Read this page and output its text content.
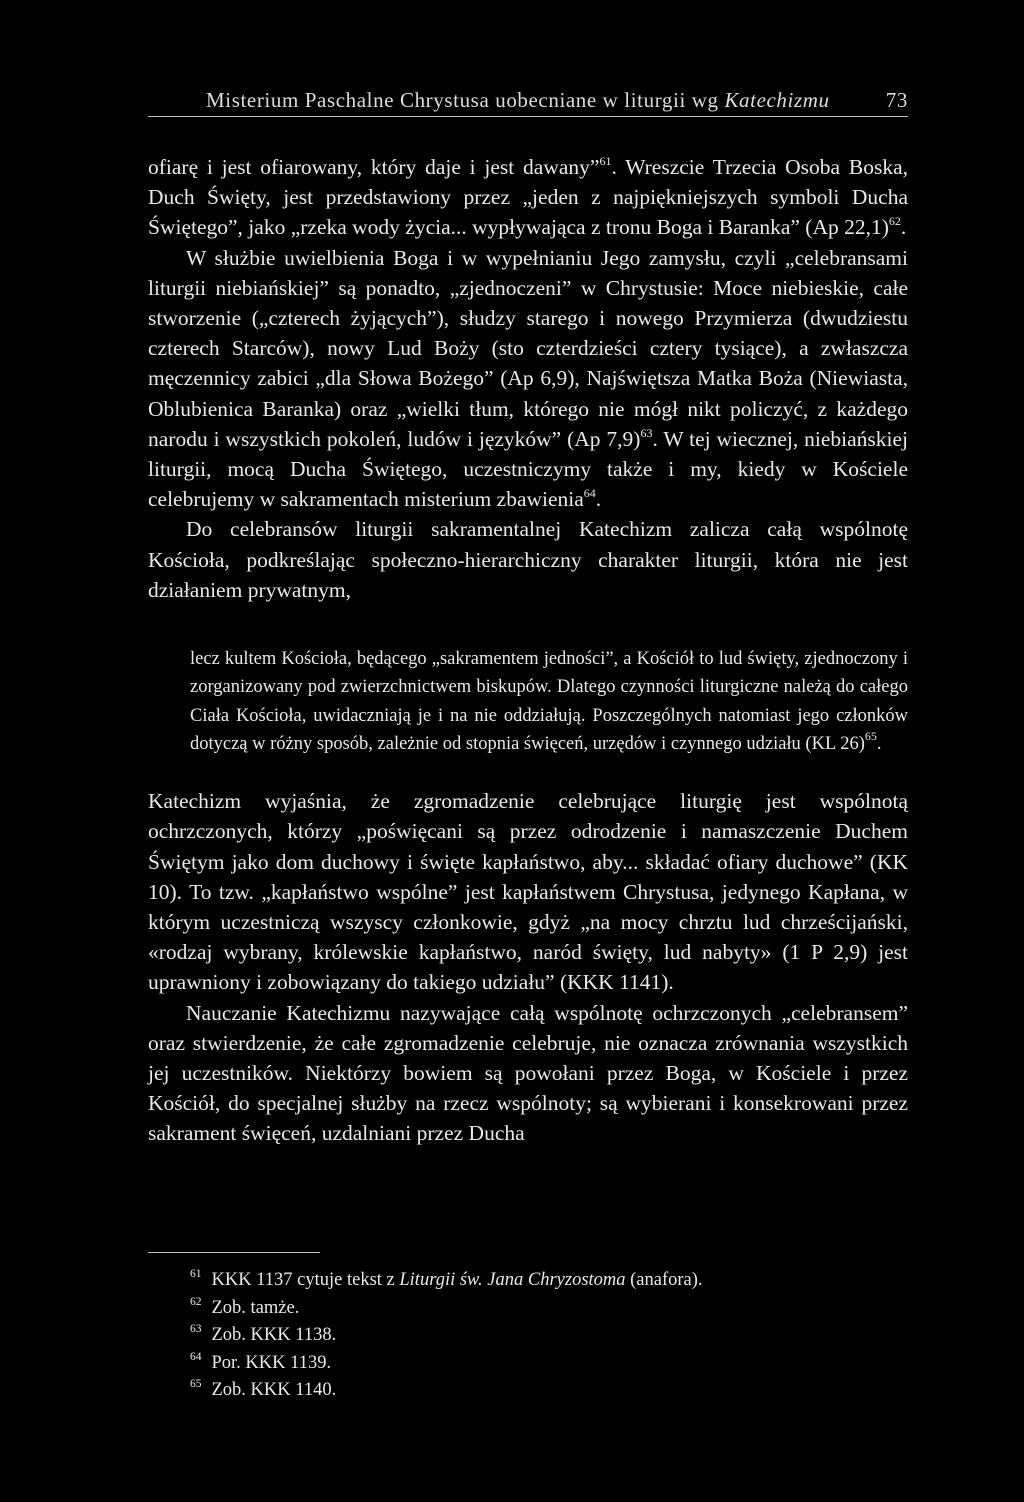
Misterium Paschalne Chrystusa uobecniane w liturgii wg Katechizmu	73

ofiarę i jest ofiarowany, który daje i jest dawany”$^{61}$. Wreszcie Trzecia Osoba Boska, Duch Święty, jest przedstawiony przez „jeden z najpiękniejszych symboli Ducha Świętego”, jako „rzeka wody życia... wypływająca z tronu Boga i Baranka” (Ap 22,1)$^{62}$.

W służbie uwielbienia Boga i w wypełnianiu Jego zamysłu, czyli „celebransami liturgii niebiańskiej” są ponadto, „zjednoczeni” w Chrystusie: Moce niebieskie, całe stworzenie („czterech żyjących”), słudzy starego i nowego Przymierza (dwudziestu czterech Starców), nowy Lud Boży (sto czterdzieści cztery tysiące), a zwłaszcza męczennicy zabici „dla Słowa Bożego” (Ap 6,9), Najświętsza Matka Boża (Niewiasta, Oblubienica Baranka) oraz „wielki tłum, którego nie mógł nikt policzyć, z każdego narodu i wszystkich pokoleń, ludów i języków” (Ap 7,9)$^{63}$. W tej wiecznej, niebiańskiej liturgii, mocą Ducha Świętego, uczestniczymy także i my, kiedy w Kościele celebrujemy w sakramentach misterium zbawienia$^{64}$.

Do celebransów liturgii sakramentalnej Katechizm zalicza całą wspólnotę Kościoła, podkreślając społeczno-hierarchiczny charakter liturgii, która nie jest działaniem prywatnym,

lecz kultem Kościoła, będącego „sakramentem jedności”, a Kościół to lud święty, zjednoczony i zorganizowany pod zwierzchnictwem biskupów. Dlatego czynności liturgiczne należą do całego Ciała Kościoła, uwidaczniają je i na nie oddziałują. Poszczególnych natomiast jego członków dotyczą w różny sposób, zależnie od stopnia święceń, urzędów i czynnego udziału (KL 26)$^{65}$.

Katechizm wyjaśnia, że zgromadzenie celebrujące liturgię jest wspólnotą ochrzczonych, którzy „poświęcani są przez odrodzenie i namaszczenie Duchem Świętym jako dom duchowy i święte kapłaństwo, aby... składać ofiary duchowe” (KK 10). To tzw. „kapłaństwo wspólne” jest kapłaństwem Chrystusa, jedynego Kapłana, w którym uczestniczą wszyscy członkowie, gdyż „na mocy chrztu lud chrześcijański, «rodzaj wybrany, królewskie kapłaństwo, naród święty, lud nabyty» (1 P 2,9) jest uprawniony i zobowiązany do takiego udziału” (KKK 1141).

Nauczanie Katechizmu nazywające całą wspólnotę ochrzczonych „celebransem” oraz stwierdzenie, że całe zgromadzenie celebruje, nie oznacza zrównania wszystkich jej uczestników. Niektórzy bowiem są powołani przez Boga, w Kościele i przez Kościół, do specjalnej służby na rzecz wspólnoty; są wybierani i konsekrowani przez sakrament święceń, uzdalniani przez Ducha

$^{61}$ KKK 1137 cytuje tekst z Liturgii św. Jana Chryzostoma (anafora).
$^{62}$ Zob. tamże.
$^{63}$ Zob. KKK 1138.
$^{64}$ Por. KKK 1139.
$^{65}$ Zob. KKK 1140.
